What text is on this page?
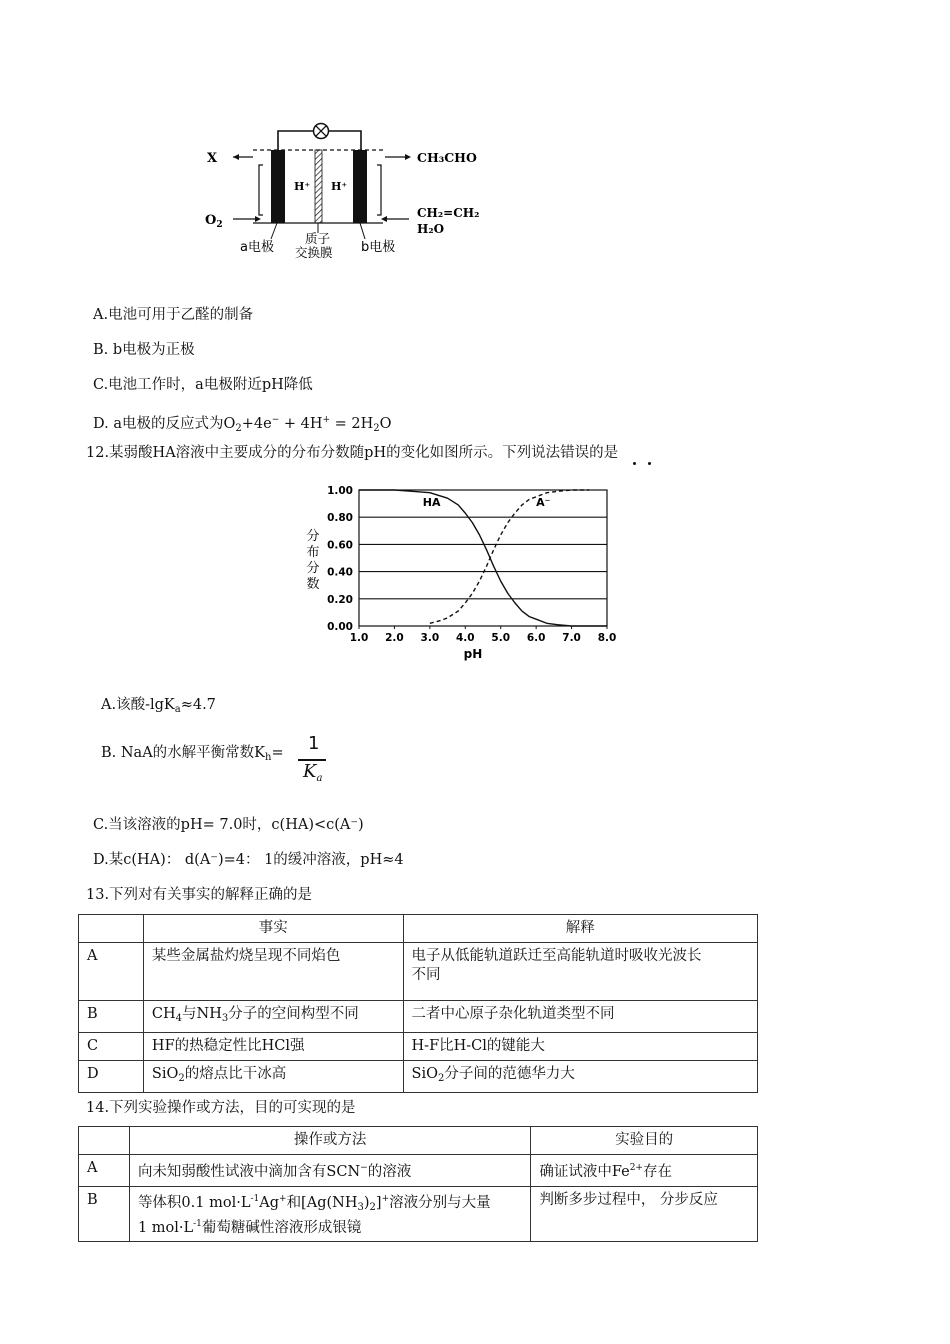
X
$O_2$
CH₃CHO
CH₂=CH₂
H₂O
H⁺ H⁺
a电极
质子
交换膜 b电极
A.电池可用于乙醛的制备
B. b电极为正极
C.电池工作时，a电极附近pH降低
D. a电极的反应式为$O_2+4e^- + 4H^+ = 2H_2O$
12.某弱酸HA溶液中主要成分的分布分数随pH的变化如图所示。下列说法错误的是
0.00
0.20
0.40
0.60
0.80
1.00
1.0 2.0 3.0 4.0 5.0 6.0 7.0 8.0
pH
分
布
分
数
HA	A⁻
A.该酸-lgK$_a$≈4.7
B. NaA的水解平衡常数$K_h= 1$
$K_a$
C.当该溶液的pH= 7.0时，c(HA)<c(A⁻)
D.某c(HA)： d(A⁻)=4： 1的缓冲溶液，pH≈4
13.下列对有关事实的解释正确的是
	事实	解释
A	某些金属盐灼烧呈现不同焰色	电子从低能轨道跃迁至高能轨道时吸收光波长
不同
B	$CH_4$与$NH_3$分子的空间构型不同	二者中心原子杂化轨道类型不同
C	HF的热稳定性比HCl强	H-F比H-Cl的键能大
D	SiO$_2$的熔点比干冰高	SiO$_2$分子间的范德华力大
14.下列实验操作或方法，目的可实现的是
	操作或方法	实验目的
A	向未知弱酸性试液中滴加含有SCN−的溶液	确证试液中$Fe^{2+}$存在
B	等体积0.1 $mol\cdot L^{-1}Ag^+$和$[Ag(NH_3)_2]^+$溶液分别与大量
1 $mol\cdot L^{-1}$葡萄糖碱性溶液形成银镜	判断多步过程中， 分步反应
